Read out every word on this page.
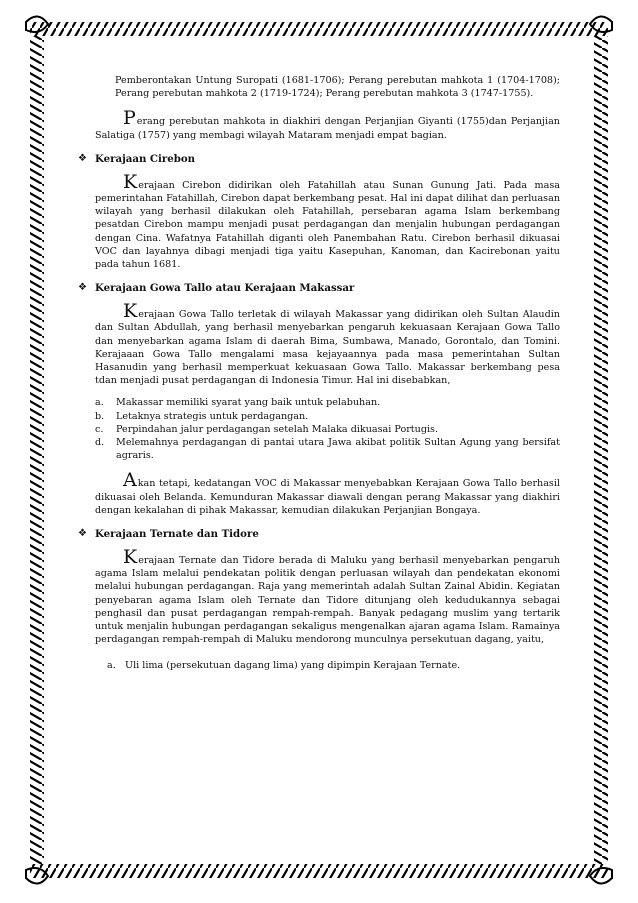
Pemberontakan Untung Suropati (1681-1706); Perang perebutan mahkota 1 (1704-1708); Perang perebutan mahkota 2 (1719-1724); Perang perebutan mahkota 3 (1747-1755).

Perang perebutan mahkota in diakhiri dengan Perjanjian Giyanti (1755)dan Perjanjian Salatiga (1757) yang membagi wilayah Mataram menjadi empat bagian.

❖ Kerajaan Cirebon

Kerajaan Cirebon didirikan oleh Fatahillah atau Sunan Gunung Jati. Pada masa pemerintahan Fatahillah, Cirebon dapat berkembang pesat. Hal ini dapat dilihat dan perluasan wilayah yang berhasil dilakukan oleh Fatahillah, persebaran agama Islam berkembang pesatdan Cirebon mampu menjadi pusat perdagangan dan menjalin hubungan perdagangan dengan Cina. Wafatnya Fatahillah diganti oleh Panembahan Ratu. Cirebon berhasil dikuasai VOC dan layahnya dibagi menjadi tiga yaitu Kasepuhan, Kanoman, dan Kacirebonan yaitu pada tahun 1681.

❖ Kerajaan Gowa Tallo atau Kerajaan Makassar

Kerajaan Gowa Tallo terletak di wilayah Makassar yang didirikan oleh Sultan Alaudin dan Sultan Abdullah, yang berhasil menyebarkan pengaruh kekuasaan Kerajaan Gowa Tallo dan menyebarkan agama Islam di daerah Bima, Sumbawa, Manado, Gorontalo, dan Tomini. Kerajaaan Gowa Tallo mengalami masa kejayaannya pada masa pemerintahan Sultan Hasanudin yang berhasil memperkuat kekuasaan Gowa Tallo. Makassar berkembang pesa tdan menjadi pusat perdagangan di Indonesia Timur. Hal ini disebabkan,

a. Makassar memiliki syarat yang baik untuk pelabuhan.
b. Letaknya strategis untuk perdagangan.
c. Perpindahan jalur perdagangan setelah Malaka dikuasai Portugis.
d. Melemahnya perdagangan di pantai utara Jawa akibat politik Sultan Agung yang bersifat agraris.

Akan tetapi, kedatangan VOC di Makassar menyebabkan Kerajaan Gowa Tallo berhasil dikuasai oleh Belanda. Kemunduran Makassar diawali dengan perang Makassar yang diakhiri dengan kekalahan di pihak Makassar, kemudian dilakukan Perjanjian Bongaya.

❖ Kerajaan Ternate dan Tidore

Kerajaan Ternate dan Tidore berada di Maluku yang berhasil menyebarkan pengaruh agama Islam melalui pendekatan politik dengan perluasan wilayah dan pendekatan ekonomi melalui hubungan perdagangan. Raja yang memerintah adalah Sultan Zainal Abidin. Kegiatan penyebaran agama Islam oleh Ternate dan Tidore ditunjang oleh kedudukannya sebagai penghasil dan pusat perdagangan rempah-rempah. Banyak pedagang muslim yang tertarik untuk menjalin hubungan perdagangan sekaligus mengenalkan ajaran agama Islam. Ramainya perdagangan rempah-rempah di Maluku mendorong munculnya persekutuan dagang, yaitu,

a. Uli lima (persekutuan dagang lima) yang dipimpin Kerajaan Ternate.
